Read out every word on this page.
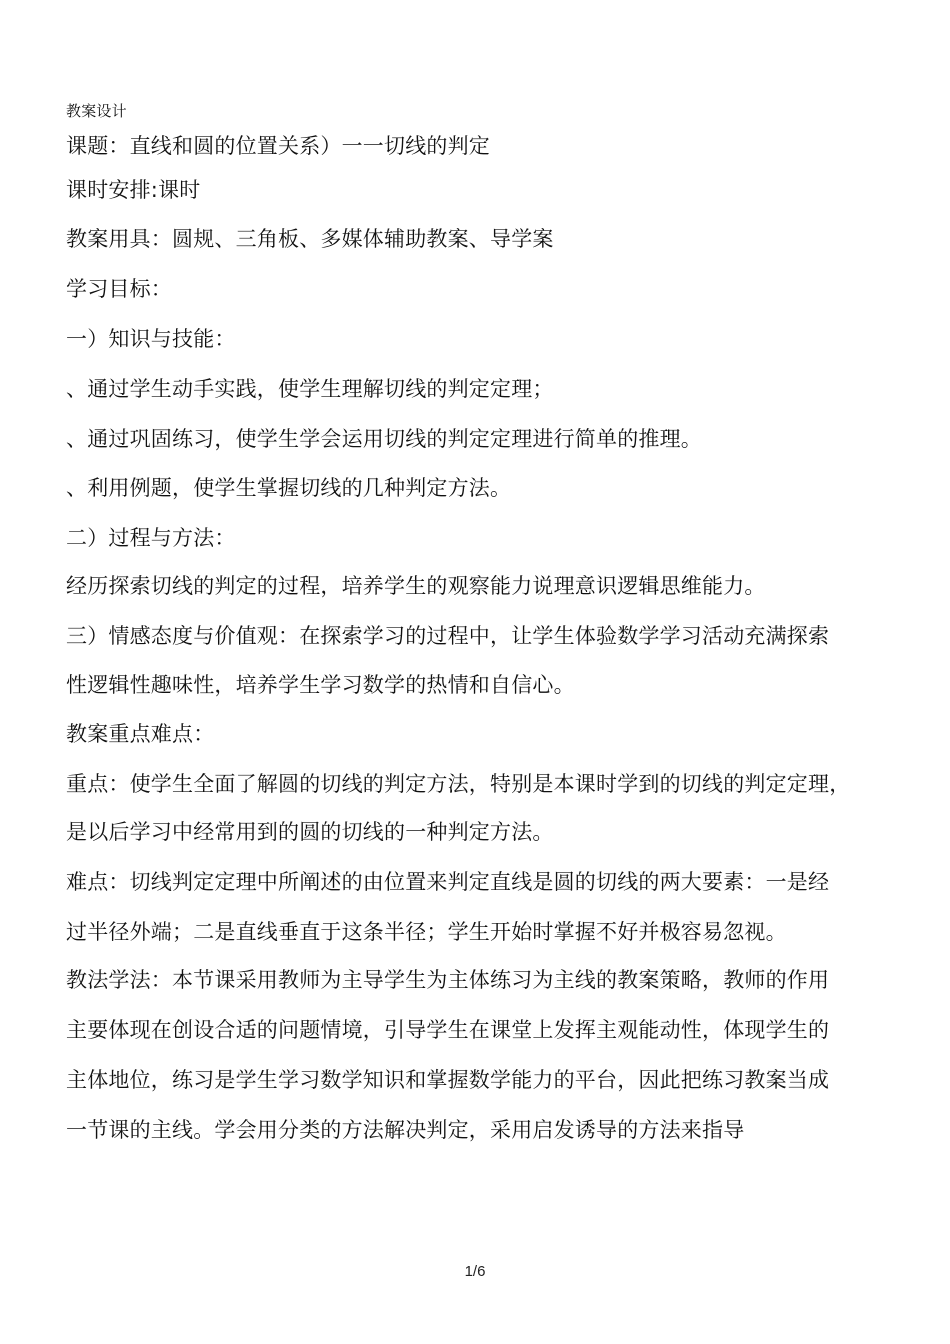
教案设计
课题：直线和圆的位置关系）一一切线的判定
课时安排:课时
教案用具：圆规、三角板、多媒体辅助教案、导学案
学习目标：
一）知识与技能：
、通过学生动手实践，使学生理解切线的判定定理；
、通过巩固练习，使学生学会运用切线的判定定理进行简单的推理。
、利用例题，使学生掌握切线的几种判定方法。
二）过程与方法：
经历探索切线的判定的过程，培养学生的观察能力说理意识逻辑思维能力。
三）情感态度与价值观：在探索学习的过程中，让学生体验数学学习活动充满探索
性逻辑性趣味性，培养学生学习数学的热情和自信心。
教案重点难点：
重点：使学生全面了解圆的切线的判定方法，特别是本课时学到的切线的判定定理，
是以后学习中经常用到的圆的切线的一种判定方法。
难点：切线判定定理中所阐述的由位置来判定直线是圆的切线的两大要素：一是经
过半径外端；二是直线垂直于这条半径；学生开始时掌握不好并极容易忽视。
教法学法：本节课采用教师为主导学生为主体练习为主线的教案策略，教师的作用
主要体现在创设合适的问题情境，引导学生在课堂上发挥主观能动性，体现学生的
主体地位，练习是学生学习数学知识和掌握数学能力的平台，因此把练习教案当成
一节课的主线。学会用分类的方法解决判定，采用启发诱导的方法来指导
1/6
